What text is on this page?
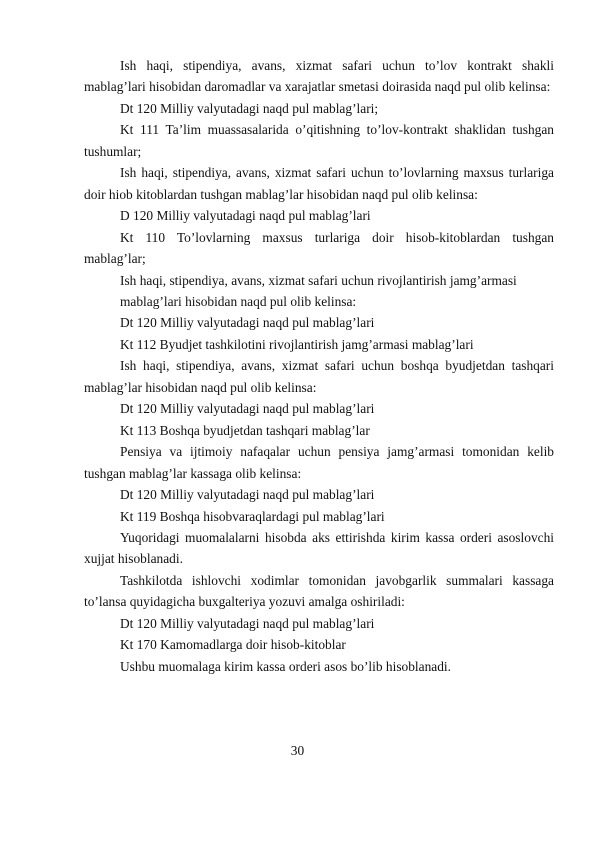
Ish haqi, stipendiya, avans, xizmat safari uchun to’lov kontrakt shakli mablag’lari hisobidan daromadlar va xarajatlar smetasi doirasida naqd pul olib kelinsa:

Dt 120 Milliy valyutadagi naqd pul mablag’lari;

Kt 111 Ta’lim muassasalarida o’qitishning to’lov-kontrakt shaklidan tushgan tushumlar;

Ish haqi, stipendiya, avans, xizmat safari uchun to’lovlarning maxsus turlariga doir hiob kitoblardan tushgan mablag’lar hisobidan naqd pul olib kelinsa:

D 120 Milliy valyutadagi naqd pul mablag’lari

Kt 110 To’lovlarning maxsus turlariga doir hisob-kitoblardan tushgan mablag’lar;

Ish haqi, stipendiya, avans, xizmat safari uchun rivojlantirish jamg’armasi

mablag’lari hisobidan naqd pul olib kelinsa:

Dt 120 Milliy valyutadagi naqd pul mablag’lari

Kt 112 Byudjet tashkilotini rivojlantirish jamg’armasi mablag’lari

Ish haqi, stipendiya, avans, xizmat safari uchun boshqa byudjetdan tashqari mablag’lar hisobidan naqd pul olib kelinsa:

Dt 120 Milliy valyutadagi naqd pul mablag’lari

Kt 113 Boshqa byudjetdan tashqari mablag’lar

Pensiya va ijtimoiy nafaqalar uchun pensiya jamg’armasi tomonidan kelib tushgan mablag’lar kassaga olib kelinsa:

Dt 120 Milliy valyutadagi naqd pul mablag’lari

Kt 119 Boshqa hisobvaraqlardagi pul mablag’lari

Yuqoridagi muomalalarni hisobda aks ettirishda kirim kassa orderi asoslovchi xujjat hisoblanadi.

Tashkilotda ishlovchi xodimlar tomonidan javobgarlik summalari kassaga to’lansa quyidagicha buxgalteriya yozuvi amalga oshiriladi:

Dt 120 Milliy valyutadagi naqd pul mablag’lari

Kt 170 Kamomadlarga doir hisob-kitoblar

Ushbu muomalaga kirim kassa orderi asos bo’lib hisoblanadi.

30
